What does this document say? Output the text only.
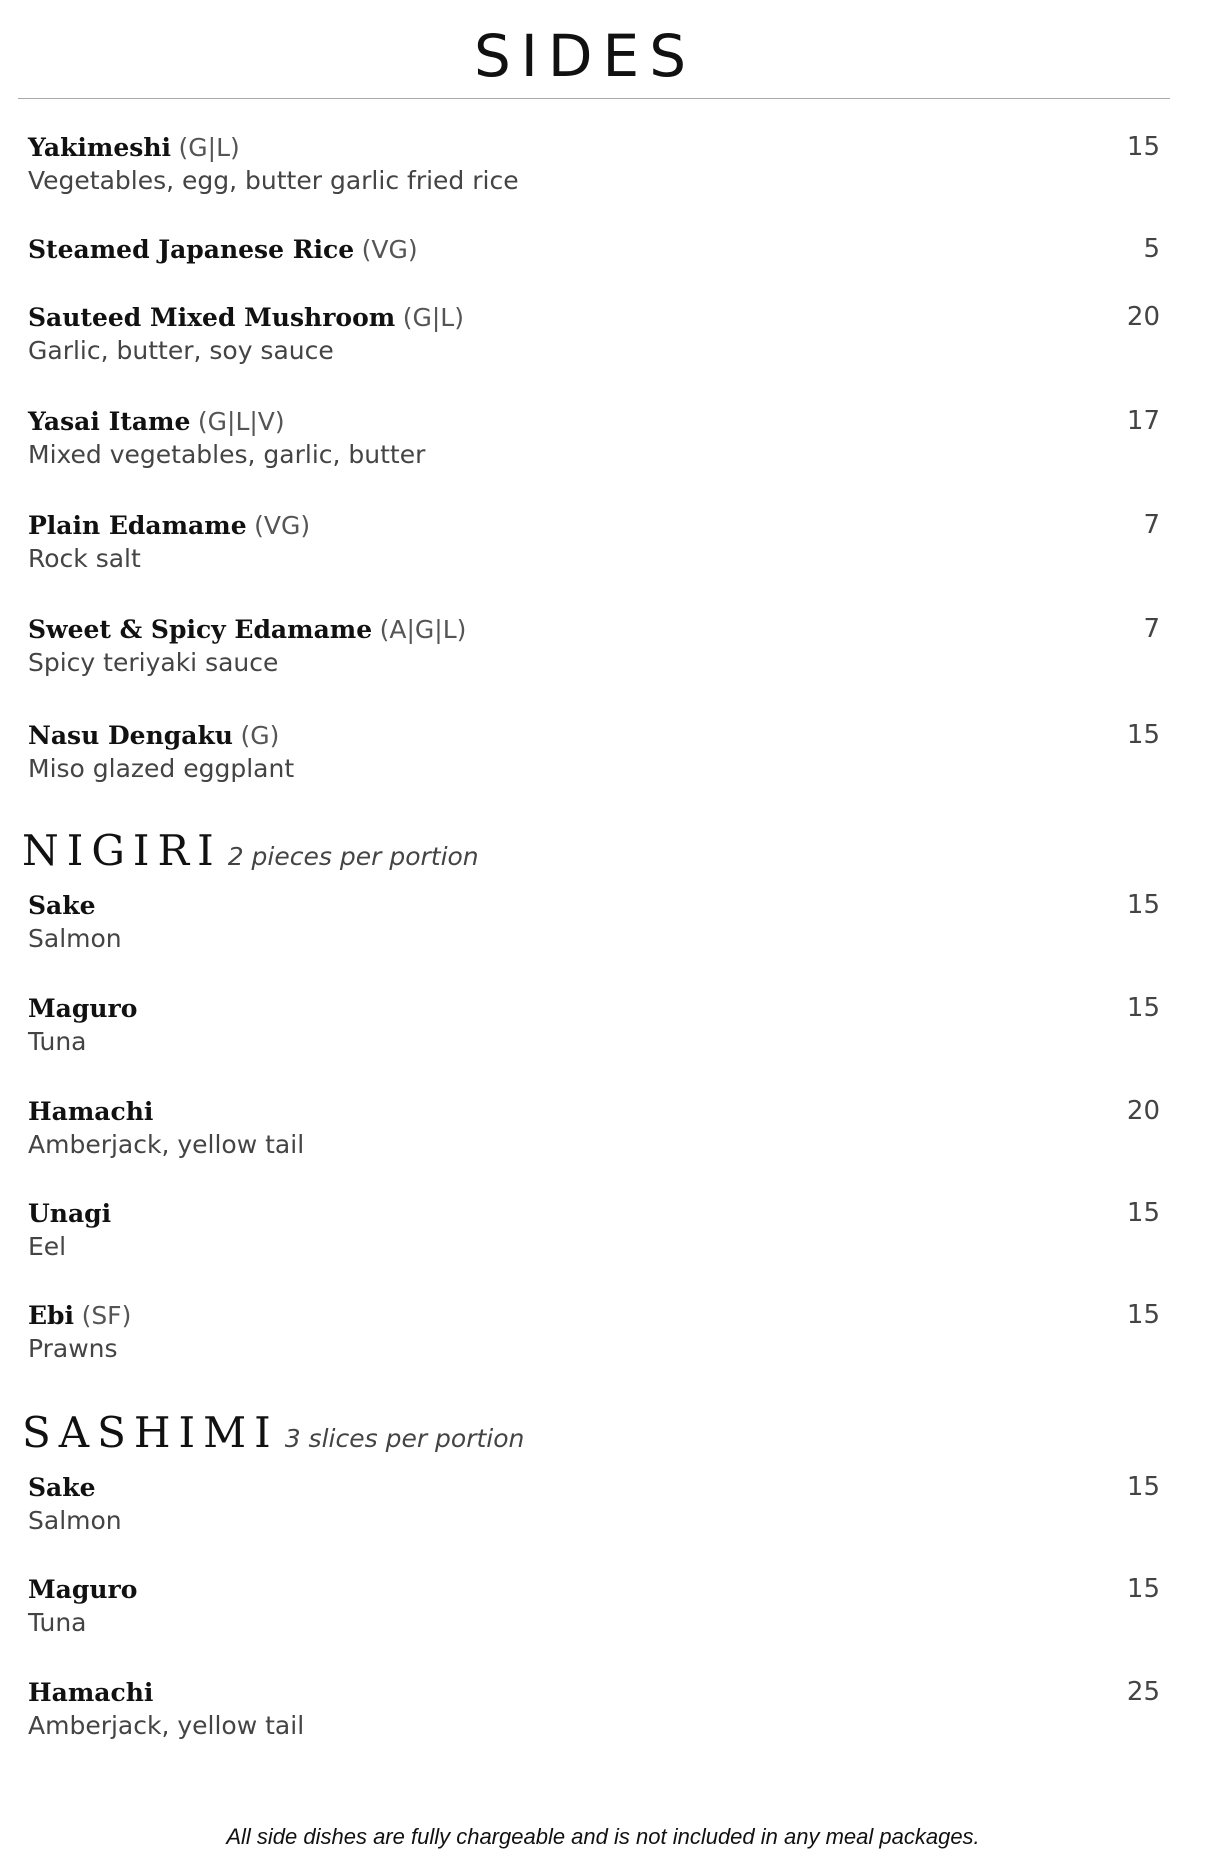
SIDES
Yakimeshi (G|L)
Vegetables, egg, butter garlic fried rice
15
Steamed Japanese Rice (VG)	5
Sauteed Mixed Mushroom (G|L)
Garlic, butter, soy sauce
20
Yasai Itame (G|L|V)
Mixed vegetables, garlic, butter
17
Plain Edamame (VG)
Rock salt
7
Sweet & Spicy Edamame (A|G|L)
Spicy teriyaki sauce
7
Nasu Dengaku (G)
Miso glazed eggplant
15
NIGIRI 2 pieces per portion
Sake
Salmon
15
Maguro
Tuna
15
Hamachi
Amberjack, yellow tail
20
Unagi
Eel
15
Ebi (SF)
Prawns
15
SASHIMI 3 slices per portion
Sake
Salmon
15
Maguro
Tuna
15
Hamachi
Amberjack, yellow tail
25
All side dishes are fully chargeable and is not included in any meal packages.
